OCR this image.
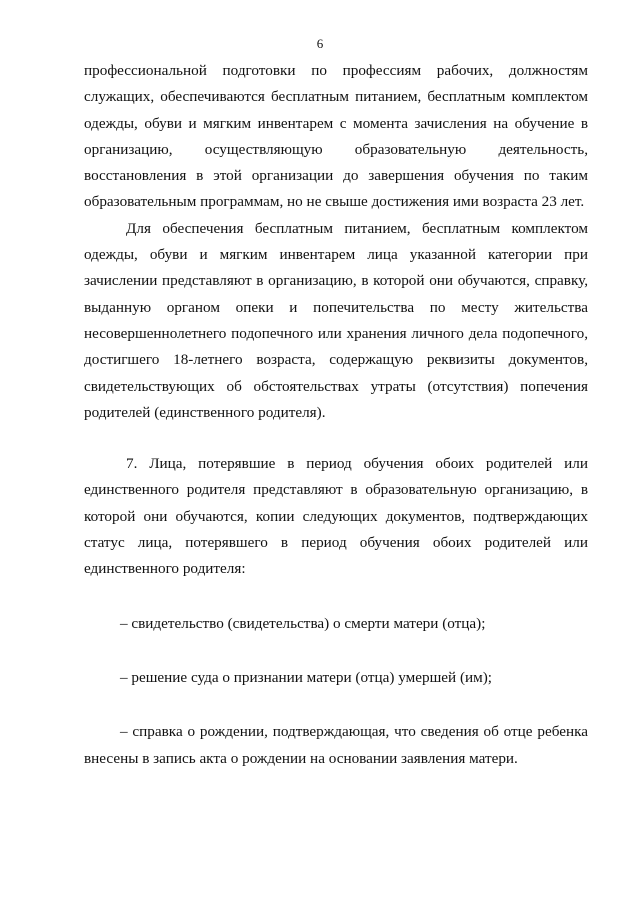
6

профессиональной подготовки по профессиям рабочих, должностям служащих, обеспечиваются бесплатным питанием, бесплатным комплектом одежды, обуви и мягким инвентарем с момента зачисления на обучение в организацию, осуществляющую образовательную деятельность, восстановления в этой организации до завершения обучения по таким образовательным программам, но не свыше достижения ими возраста 23 лет.

Для обеспечения бесплатным питанием, бесплатным комплектом одежды, обуви и мягким инвентарем лица указанной категории при зачислении представляют в организацию, в которой они обучаются, справку, выданную органом опеки и попечительства по месту жительства несовершеннолетнего подопечного или хранения личного дела подопечного, достигшего 18-летнего возраста, содержащую реквизиты документов, свидетельствующих об обстоятельствах утраты (отсутствия) попечения родителей (единственного родителя).

7. Лица, потерявшие в период обучения обоих родителей или единственного родителя представляют в образовательную организацию, в которой они обучаются, копии следующих документов, подтверждающих статус лица, потерявшего в период обучения обоих родителей или единственного родителя:

– свидетельство (свидетельства) о смерти матери (отца);

– решение суда о признании матери (отца) умершей (им);

– справка о рождении, подтверждающая, что сведения об отце ребенка внесены в запись акта о рождении на основании заявления матери.
